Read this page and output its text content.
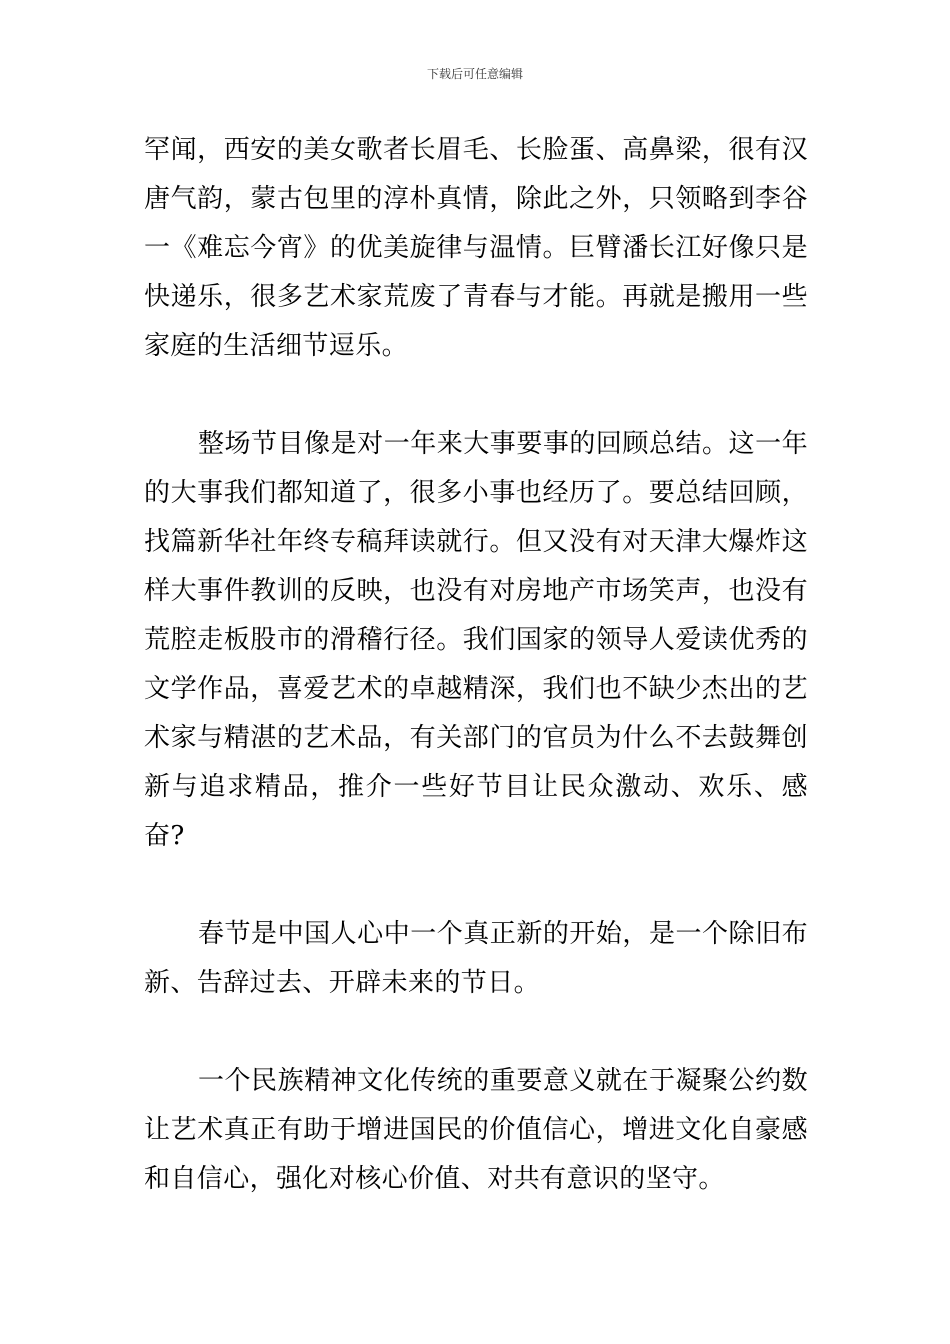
下载后可任意编辑

罕闻，西安的美女歌者长眉毛、长脸蛋、高鼻梁，很有汉唐气韵，蒙古包里的淳朴真情，除此之外，只领略到李谷一《难忘今宵》的优美旋律与温情。巨臂潘长江好像只是快递乐，很多艺术家荒废了青春与才能。再就是搬用一些家庭的生活细节逗乐。

整场节目像是对一年来大事要事的回顾总结。这一年的大事我们都知道了，很多小事也经历了。要总结回顾，找篇新华社年终专稿拜读就行。但又没有对天津大爆炸这样大事件教训的反映，也没有对房地产市场笑声，也没有荒腔走板股市的滑稽行径。我们国家的领导人爱读优秀的文学作品，喜爱艺术的卓越精深，我们也不缺少杰出的艺术家与精湛的艺术品，有关部门的官员为什么不去鼓舞创新与追求精品，推介一些好节目让民众激动、欢乐、感奋?

春节是中国人心中一个真正新的开始，是一个除旧布新、告辞过去、开辟未来的节日。

一个民族精神文化传统的重要意义就在于凝聚公约数让艺术真正有助于增进国民的价值信心，增进文化自豪感和自信心，强化对核心价值、对共有意识的坚守。
